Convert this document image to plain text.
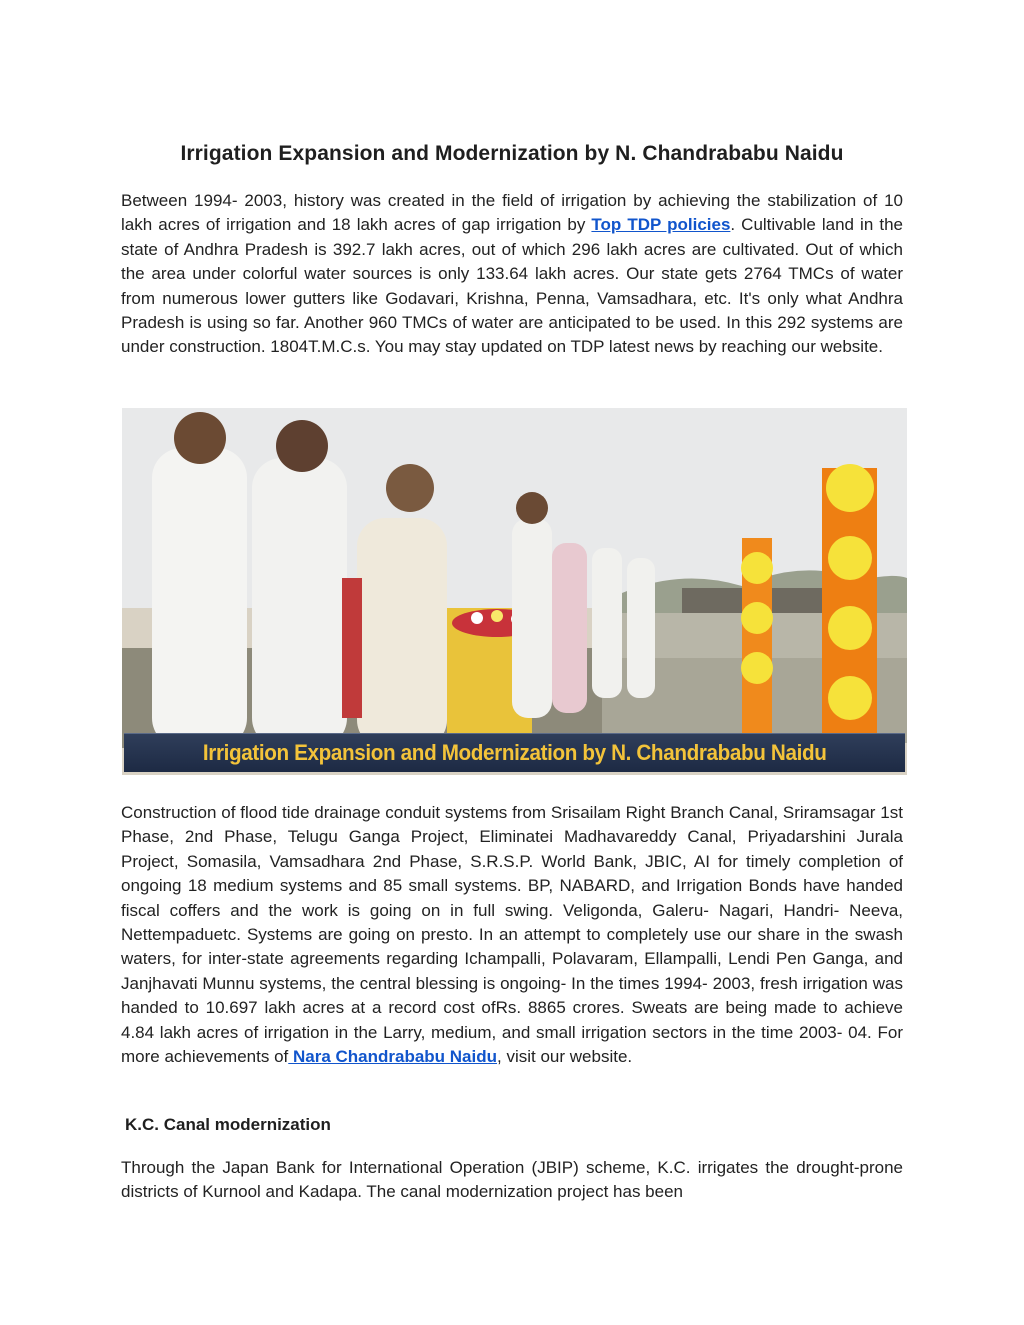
Irrigation Expansion and Modernization by N. Chandrababu Naidu

Between 1994- 2003, history was created in the field of irrigation by achieving the stabilization of 10 lakh acres of irrigation and 18 lakh acres of gap irrigation by Top TDP policies. Cultivable land in the state of Andhra Pradesh is 392.7 lakh acres, out of which 296 lakh acres are cultivated. Out of which the area under colorful water sources is only 133.64 lakh acres. Our state gets 2764 TMCs of water from numerous lower gutters like Godavari, Krishna, Penna, Vamsadhara, etc. It's only what Andhra Pradesh is using so far. Another 960 TMCs of water are anticipated to be used. In this 292 systems are under construction. 1804T.M.C.s. You may stay updated on TDP latest news by reaching our website.

Irrigation Expansion and Modernization by N. Chandrababu Naidu

Construction of flood tide drainage conduit systems from Srisailam Right Branch Canal, Sriramsagar 1st Phase, 2nd Phase, Telugu Ganga Project, Eliminatei Madhavareddy Canal, Priyadarshini Jurala Project, Somasila, Vamsadhara 2nd Phase, S.R.S.P. World Bank, JBIC, AI for timely completion of ongoing 18 medium systems and 85 small systems. BP, NABARD, and Irrigation Bonds have handed fiscal coffers and the work is going on in full swing. Veligonda, Galeru- Nagari, Handri- Neeva, Nettempaduetc. Systems are going on presto. In an attempt to completely use our share in the swash waters, for inter-state agreements regarding Ichampalli, Polavaram, Ellampalli, Lendi Pen Ganga, and Janjhavati Munnu systems, the central blessing is ongoing- In the times 1994- 2003, fresh irrigation was handed to 10.697 lakh acres at a record cost ofRs. 8865 crores. Sweats are being made to achieve 4.84 lakh acres of irrigation in the Larry, medium, and small irrigation sectors in the time 2003- 04. For more achievements of Nara Chandrababu Naidu, visit our website.

K.C. Canal modernization

Through the Japan Bank for International Operation (JBIP) scheme, K.C. irrigates the drought-prone districts of Kurnool and Kadapa. The canal modernization project has been
